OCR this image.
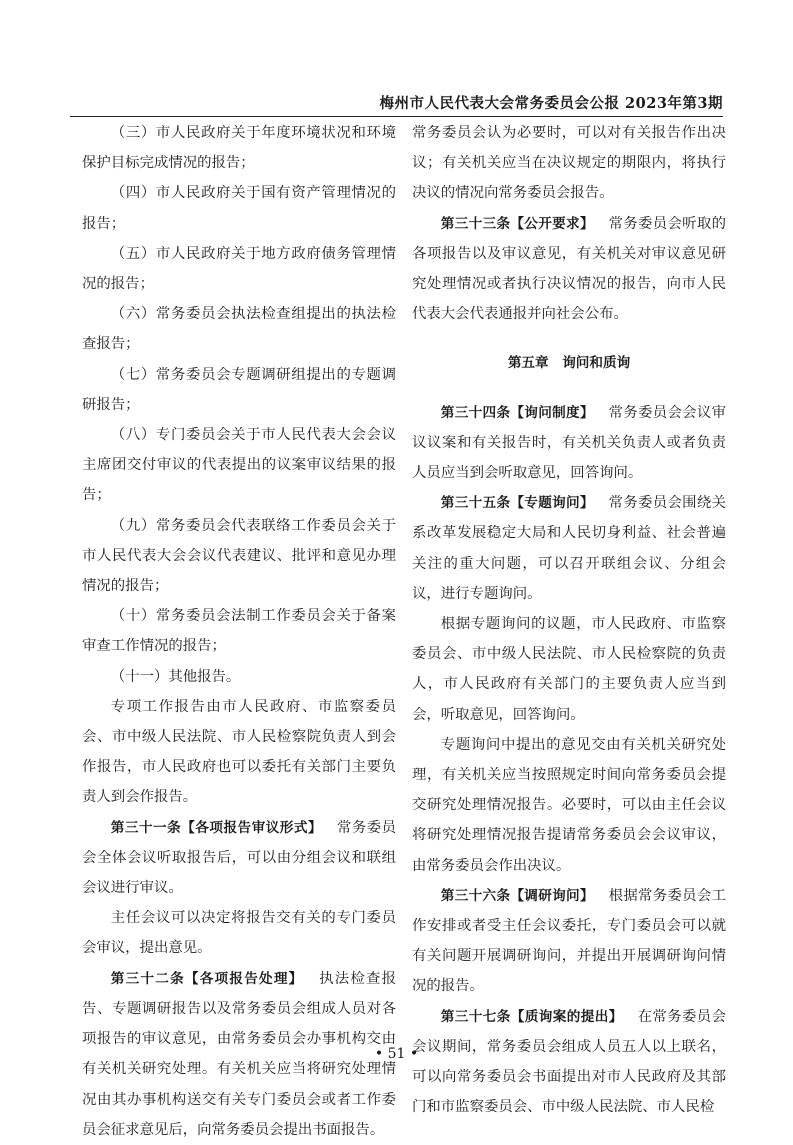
梅州市人民代表大会常务委员会公报 2023年第3期

（三）市人民政府关于年度环境状况和环境保护目标完成情况的报告；

（四）市人民政府关于国有资产管理情况的报告；

（五）市人民政府关于地方政府债务管理情况的报告；

（六）常务委员会执法检查组提出的执法检查报告；

（七）常务委员会专题调研组提出的专题调研报告；

（八）专门委员会关于市人民代表大会会议主席团交付审议的代表提出的议案审议结果的报告；

（九）常务委员会代表联络工作委员会关于市人民代表大会会议代表建议、批评和意见办理情况的报告；

（十）常务委员会法制工作委员会关于备案审查工作情况的报告；

（十一）其他报告。

专项工作报告由市人民政府、市监察委员会、市中级人民法院、市人民检察院负责人到会作报告，市人民政府也可以委托有关部门主要负责人到会作报告。

第三十一条【各项报告审议形式】  常务委员会全体会议听取报告后，可以由分组会议和联组会议进行审议。

主任会议可以决定将报告交有关的专门委员会审议，提出意见。

第三十二条【各项报告处理】  执法检查报告、专题调研报告以及常务委员会组成人员对各项报告的审议意见，由常务委员会办事机构交由有关机关研究处理。有关机关应当将研究处理情况由其办事机构送交有关专门委员会或者工作委员会征求意见后，向常务委员会提出书面报告。

常务委员会认为必要时，可以对有关报告作出决议；有关机关应当在决议规定的期限内，将执行决议的情况向常务委员会报告。

第三十三条【公开要求】  常务委员会听取的各项报告以及审议意见，有关机关对审议意见研究处理情况或者执行决议情况的报告，向市人民代表大会代表通报并向社会公布。

第五章　询问和质询

第三十四条【询问制度】  常务委员会会议审议议案和有关报告时，有关机关负责人或者负责人员应当到会听取意见，回答询问。

第三十五条【专题询问】  常务委员会围绕关系改革发展稳定大局和人民切身利益、社会普遍关注的重大问题，可以召开联组会议、分组会议，进行专题询问。

根据专题询问的议题，市人民政府、市监察委员会、市中级人民法院、市人民检察院的负责人，市人民政府有关部门的主要负责人应当到会，听取意见，回答询问。

专题询问中提出的意见交由有关机关研究处理，有关机关应当按照规定时间向常务委员会提交研究处理情况报告。必要时，可以由主任会议将研究处理情况报告提请常务委员会会议审议，由常务委员会作出决议。

第三十六条【调研询问】  根据常务委员会工作安排或者受主任会议委托，专门委员会可以就有关问题开展调研询问，并提出开展调研询问情况的报告。

第三十七条【质询案的提出】  在常务委员会会议期间，常务委员会组成人员五人以上联名，可以向常务委员会书面提出对市人民政府及其部门和市监察委员会、市中级人民法院、市人民检

• 51 •
